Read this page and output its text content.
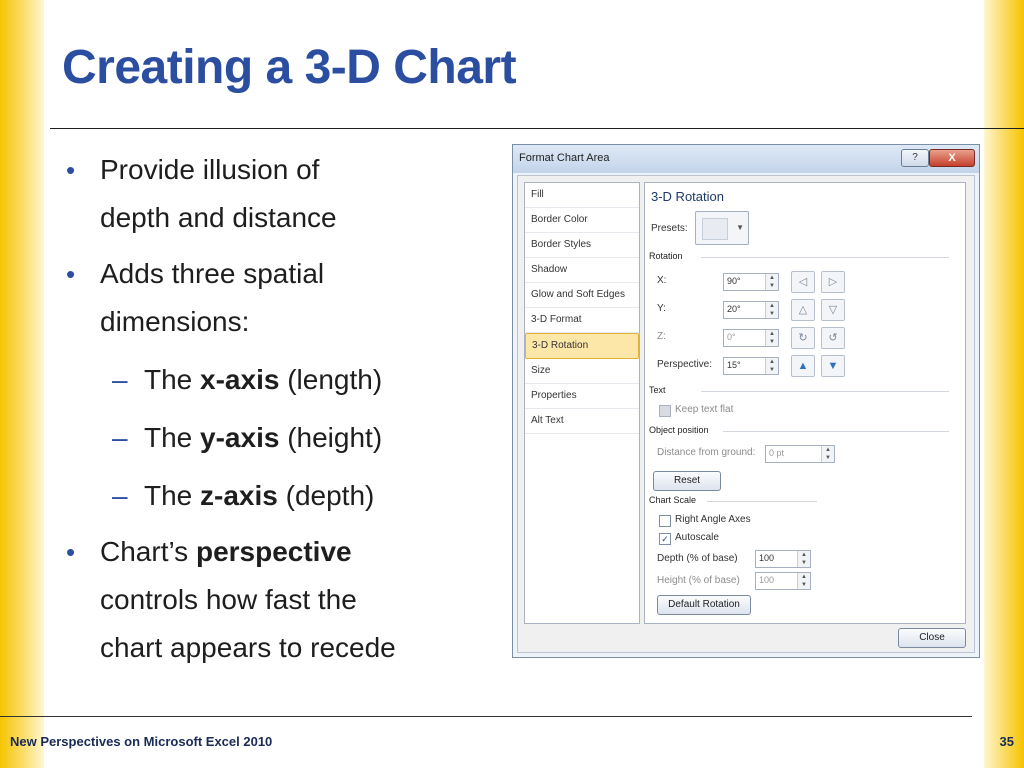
Creating a 3-D Chart
• Provide illusion of
depth and distance
• Adds three spatial
dimensions:
– The x-axis (length)
– The y-axis (height)
– The z-axis (depth)
• Chart’s perspective
controls how fast the
chart appears to recede
Format Chart Area	?	X
Fill
Border Color
Border Styles
Shadow
Glow and Soft Edges
3-D Format
3-D Rotation
Size
Properties
Alt Text
3-D Rotation
Presets:	▼
Rotation
X:	90°	▲
▼	◁	▷
Y:	20°	▲
▼	△	▽
Z:	0°	▲
▼	↻	↺
Perspective: 15°	▲
▼	▲	▼
Text
Keep text flat
Object position
Distance from ground: 0 pt	▲
▼
Reset
Chart Scale
Right Angle Axes
✓ Autoscale
Depth (% of base) 100	▲
▼
Height (% of base) 100	▲
▼
Default Rotation
Close
New Perspectives on Microsoft Excel 2010	35
